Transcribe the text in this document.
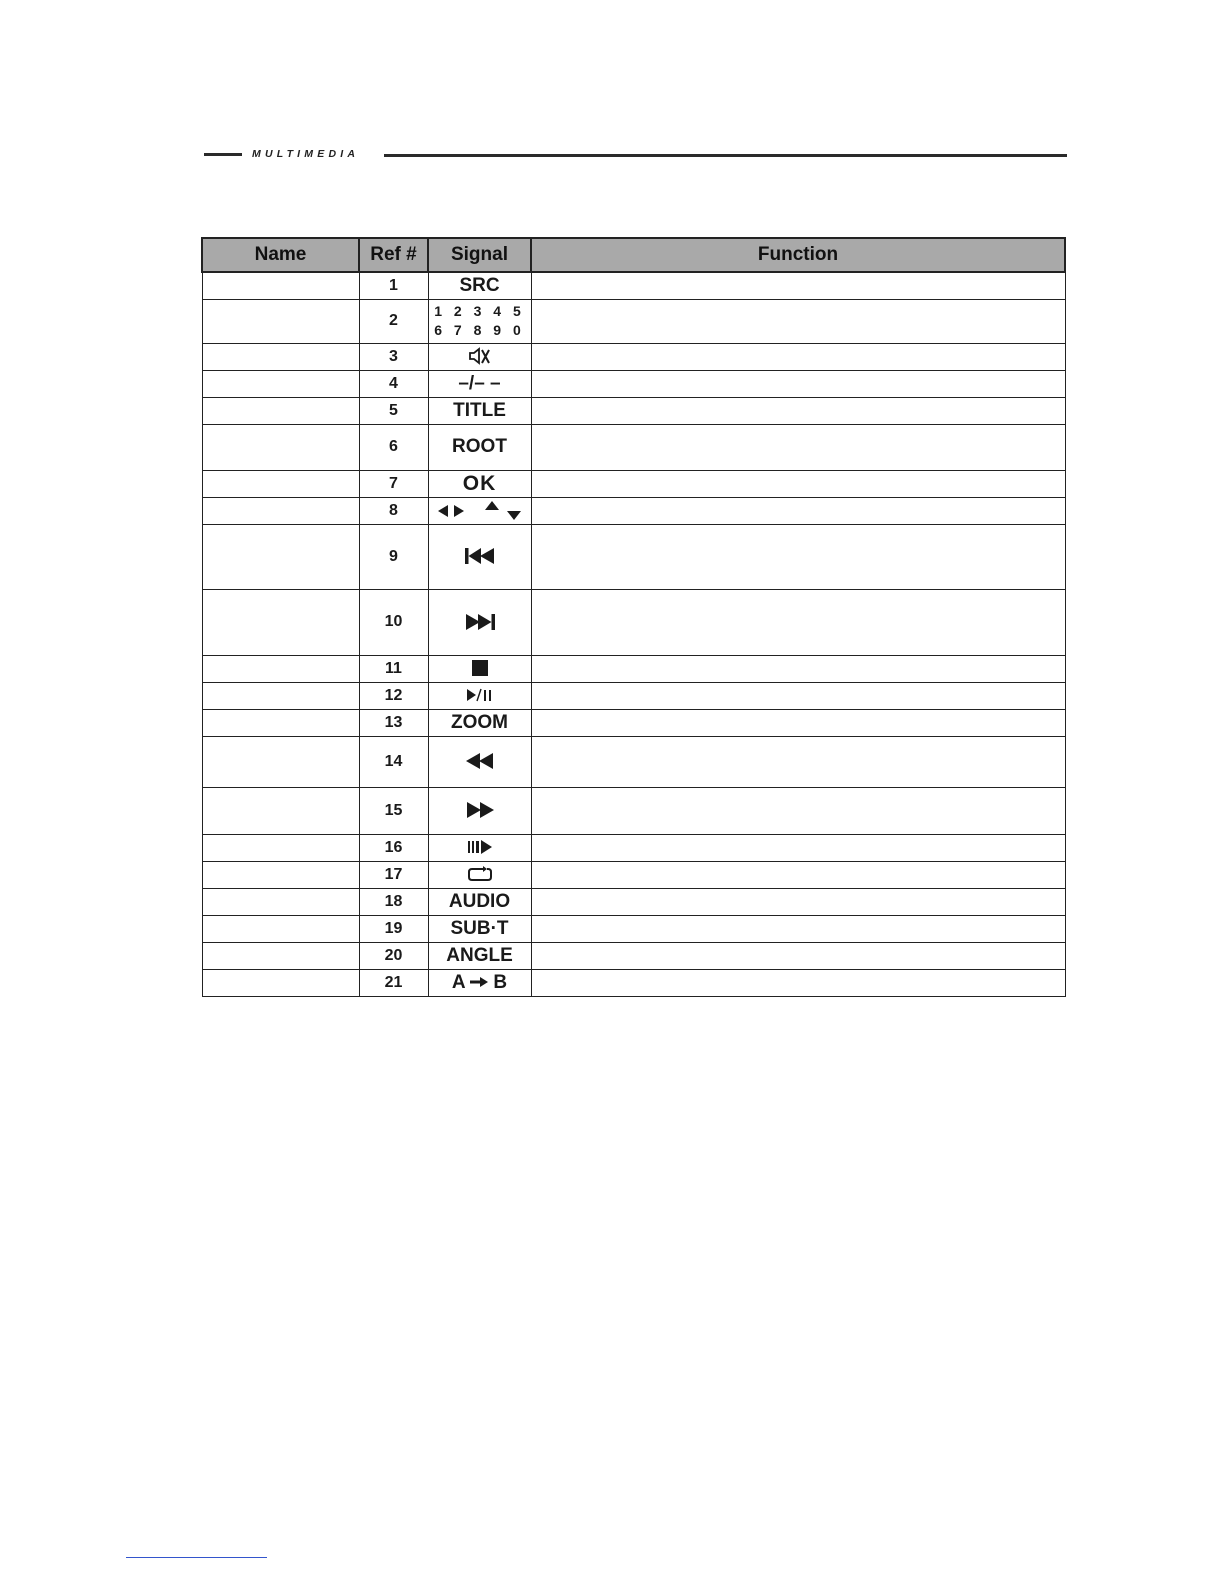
MULTIMEDIA
Name	Ref #	Signal	Function
	1	SRC	
	2	1 2 3 4 5
6 7 8 9 0	

	3		
	4	–/– –	
	5	TITLE	
	6	ROOT	
	7	OK	
	8		
	9		
	10		
	11		
	12		
	13	ZOOM	
	14		
	15		
	16		
	17		
	18	AUDIO	
	19	SUB·T	
	20	ANGLE	
	21	A B	
